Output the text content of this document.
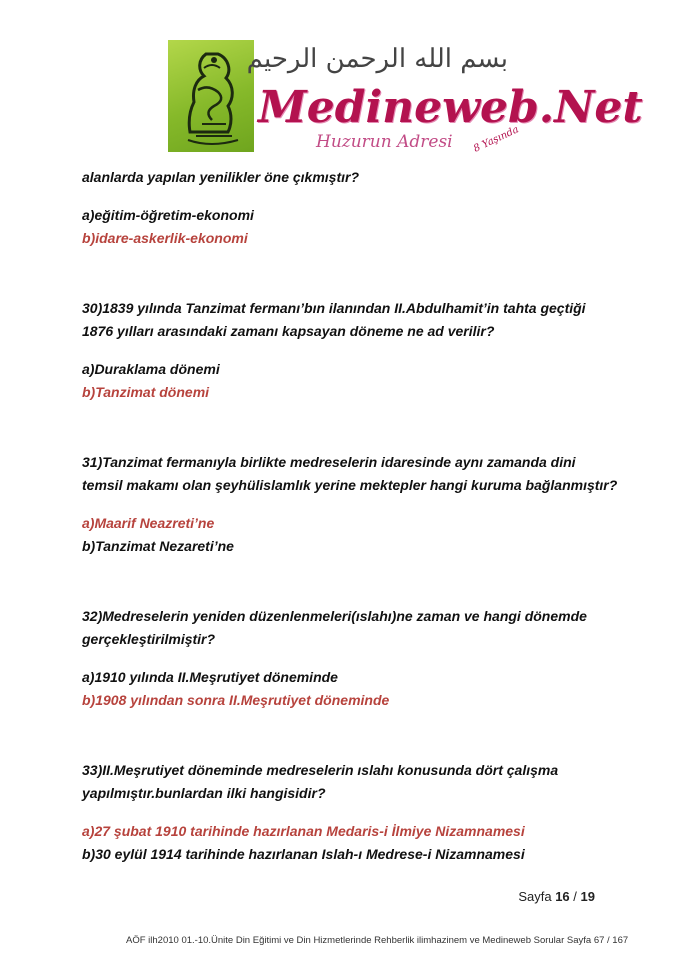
بسم الله الرحمن الرحيم
Medineweb.Net
Huzurun Adresi 8 Yaşında

alanlarda yapılan yenilikler öne çıkmıştır?

a)eğitim-öğretim-ekonomi

b)idare-askerlik-ekonomi

30)1839 yılında Tanzimat fermanı’bın ilanından II.Abdulhamit’in tahta geçtiği

1876 yılları arasındaki zamanı kapsayan döneme ne ad verilir?

a)Duraklama dönemi

b)Tanzimat dönemi

31)Tanzimat fermanıyla birlikte medreselerin idaresinde aynı zamanda dini

temsil makamı olan şeyhülislamlık yerine mektepler hangi kuruma bağlanmıştır?

a)Maarif Neazreti’ne

b)Tanzimat Nezareti’ne

32)Medreselerin yeniden düzenlenmeleri(ıslahı)ne zaman ve hangi dönemde

gerçekleştirilmiştir?

a)1910 yılında II.Meşrutiyet döneminde

b)1908 yılından sonra II.Meşrutiyet döneminde

33)II.Meşrutiyet döneminde medreselerin ıslahı konusunda dört çalışma

yapılmıştır.bunlardan ilki hangisidir?

a)27 şubat 1910 tarihinde hazırlanan Medaris-i İlmiye Nizamnamesi

b)30 eylül 1914 tarihinde hazırlanan Islah-ı Medrese-i Nizamnamesi

Sayfa 16 / 19
AÖF ilh2010 01.-10.Ünite Din Eğitimi ve Din Hizmetlerinde Rehberlik ilimhazinem ve Medineweb Sorular Sayfa 67 / 167
